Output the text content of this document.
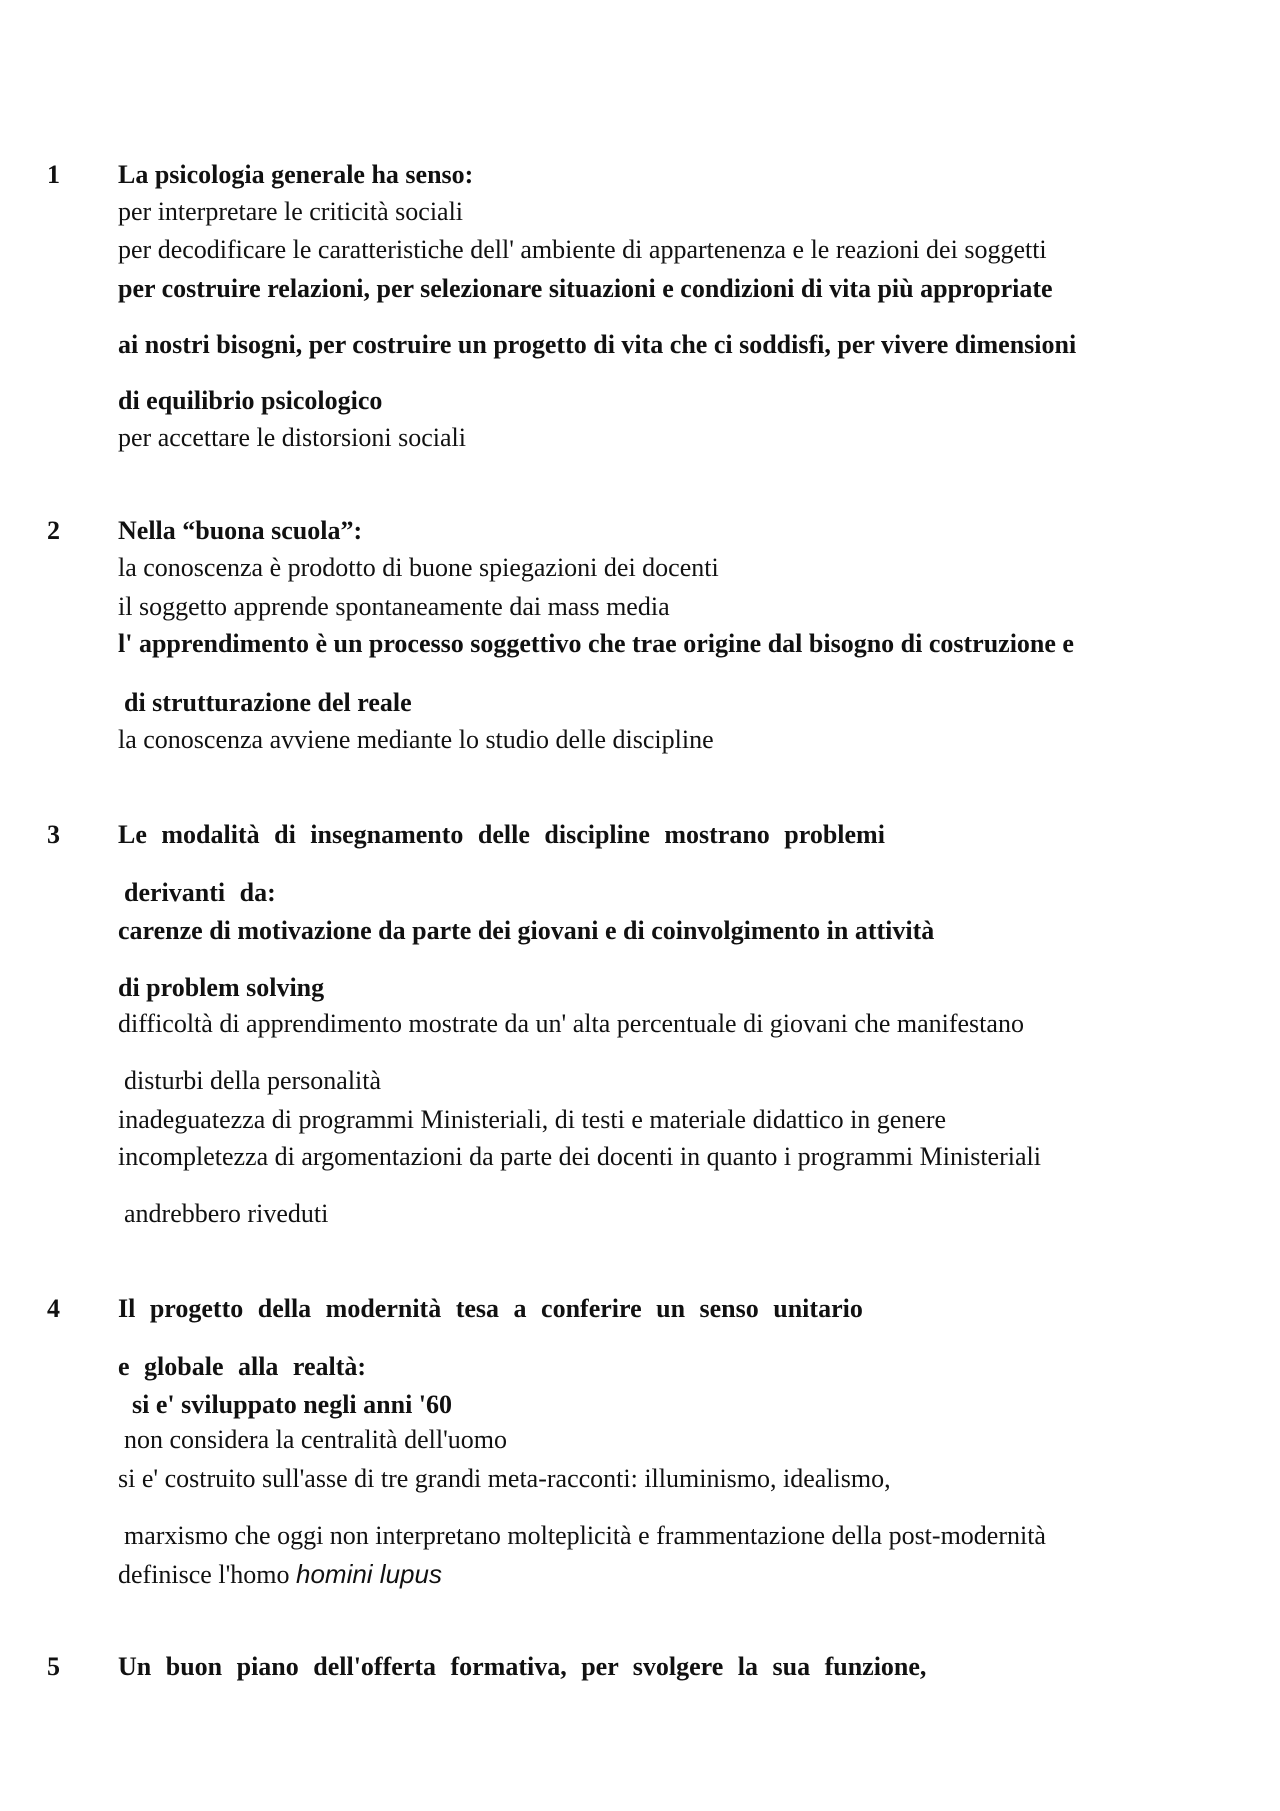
1 La psicologia generale ha senso:
per interpretare le criticità sociali
per decodificare le caratteristiche dell' ambiente di appartenenza e le reazioni dei soggetti
per costruire relazioni, per selezionare situazioni e condizioni di vita più appropriate
ai nostri bisogni, per costruire un progetto di vita che ci soddisfi, per vivere dimensioni
di equilibrio psicologico
per accettare le distorsioni sociali
2 Nella “buona scuola”:
la conoscenza è prodotto di buone spiegazioni dei docenti
il soggetto apprende spontaneamente dai mass media
l' apprendimento è un processo soggettivo che trae origine dal bisogno di costruzione e
di strutturazione del reale
la conoscenza avviene mediante lo studio delle discipline
3 Le modalità di insegnamento delle discipline mostrano problemi
derivanti da:
carenze di motivazione da parte dei giovani e di coinvolgimento in attività
di problem solving
difficoltà di apprendimento mostrate da un' alta percentuale di giovani che manifestano
disturbi della personalità
inadeguatezza di programmi Ministeriali, di testi e materiale didattico in genere
incompletezza di argomentazioni da parte dei docenti in quanto i programmi Ministeriali
andrebbero riveduti
4 Il progetto della modernità tesa a conferire un senso unitario
e globale alla realtà:
si e' sviluppato negli anni '60
non considera la centralità dell'uomo
si e' costruito sull'asse di tre grandi meta-racconti: illuminismo, idealismo,
marxismo che oggi non interpretano molteplicità e frammentazione della post-modernità
definisce l'homo homini lupus
5 Un buon piano dell'offerta formativa, per svolgere la sua funzione,
